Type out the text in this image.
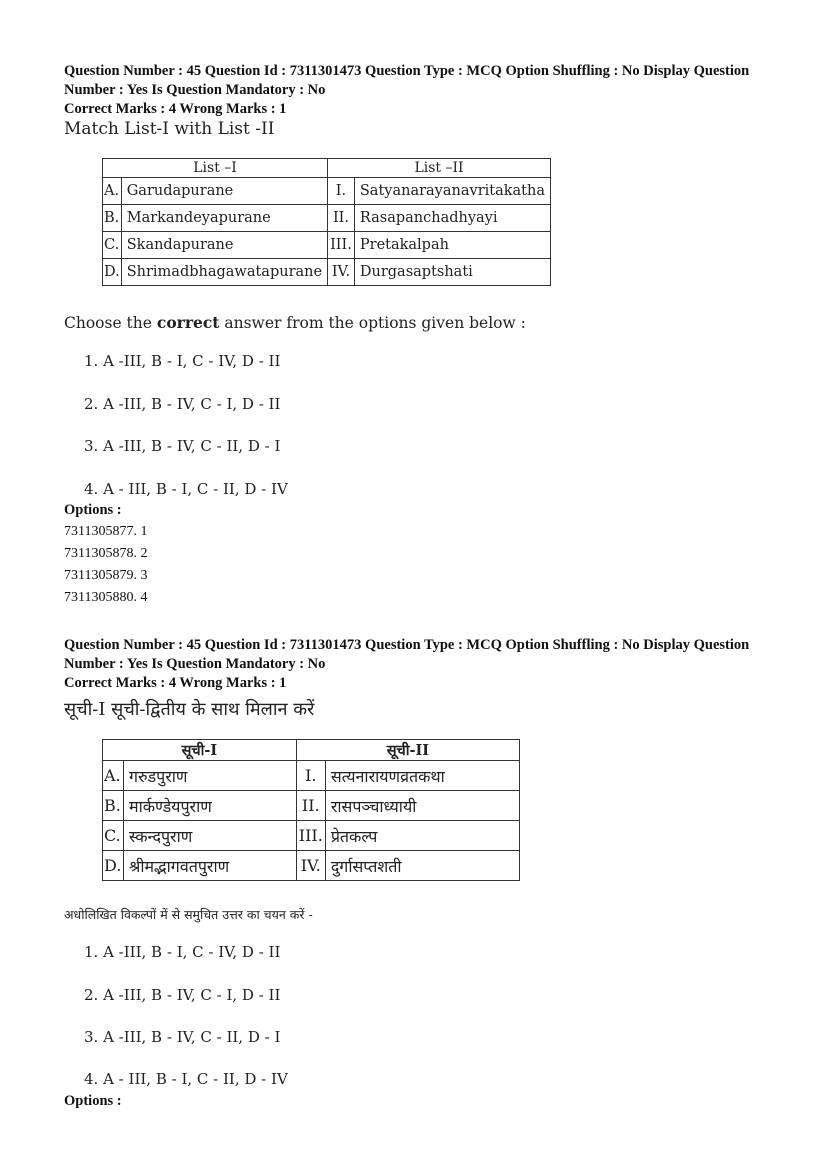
Question Number : 45 Question Id : 7311301473 Question Type : MCQ Option Shuffling : No Display Question
Number : Yes Is Question Mandatory : No
Correct Marks : 4 Wrong Marks : 1
Match List-I with List -II
List –I		List –II	
A.	Garudapurane	I.	Satyanarayanavritakatha
B.	Markandeyapurane	II.	Rasapanchadhyayi
C.	Skandapurane	III.	Pretakalpah
D.	Shrimadbhagawatapurane	IV.	Durgasaptshati
Choose the correct answer from the options given below :
1. A -III, B - I, C - IV, D - II
2. A -III, B - IV, C - I, D - II
3. A -III, B - IV, C - II, D - I
4. A - III, B - I, C - II, D - IV
Options :
7311305877. 1
7311305878. 2
7311305879. 3
7311305880. 4
Question Number : 45 Question Id : 7311301473 Question Type : MCQ Option Shuffling : No Display Question
Number : Yes Is Question Mandatory : No
Correct Marks : 4 Wrong Marks : 1
सूची-I सूची-द्वितीय के साथ मिलान करें
सूची-I		सूची-II	
A.	गरुडपुराण	I.	सत्यनारायणव्रतकथा
B.	मार्कण्डेयपुराण	II.	रासपञ्चाध्यायी
C.	स्कन्दपुराण	III.	प्रेतकल्प
D.	श्रीमद्भागवतपुराण	IV.	दुर्गासप्तशती
अधोलिखित विकल्पों में से समुचित उत्तर का चयन करें -
1. A -III, B - I, C - IV, D - II
2. A -III, B - IV, C - I, D - II
3. A -III, B - IV, C - II, D - I
4. A - III, B - I, C - II, D - IV
Options :
